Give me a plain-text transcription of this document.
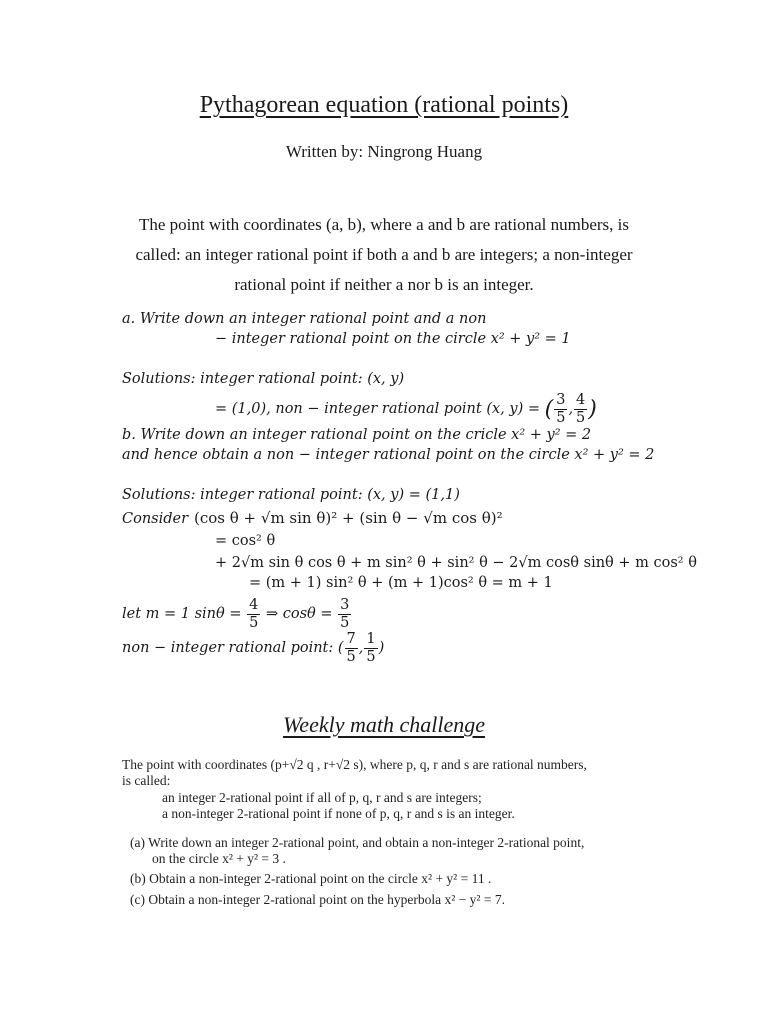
Pythagorean equation (rational points)
Written by: Ningrong Huang
The point with coordinates (a, b), where a and b are rational numbers, is
called: an integer rational point if both a and b are integers; a non-integer
rational point if neither a nor b is an integer.
a. Write down an integer rational point and a non
− integer rational point on the circle x² + y² = 1
Solutions: integer rational point: (x, y)
= (1,0), non − integer rational point (x, y) = ( $\frac{3}{5}$ , $\frac{4}{5}$ )
b. Write down an integer rational point on the cricle x² + y² = 2
and hence obtain a non − integer rational point on the circle x² + y² = 2
Solutions: integer rational point: (x, y) = (1,1)
Consider (cos θ + √m sin θ)² + (sin θ − √m cos θ)²
= cos² θ
+ 2√m sin θ cos θ + m sin² θ + sin² θ − 2√m cosθ sinθ + m cos² θ
= (m + 1) sin² θ + (m + 1)cos² θ = m + 1
let m = 1 $\sin\theta = \frac{4}{5}$ ⇒ $\cos\theta = \frac{3}{5}$
non − integer rational point: ( $\frac{7}{5}$ , $\frac{1}{5}$ )
Weekly math challenge
The point with coordinates (p+√2 q , r+√2 s), where p, q, r and s are rational numbers,
is called:
an integer 2-rational point if all of p, q, r and s are integers;
a non-integer 2-rational point if none of p, q, r and s is an integer.
(a) Write down an integer 2-rational point, and obtain a non-integer 2-rational point,
on the circle x² + y² = 3 .
(b) Obtain a non-integer 2-rational point on the circle x² + y² = 11 .
(c) Obtain a non-integer 2-rational point on the hyperbola x² − y² = 7.
